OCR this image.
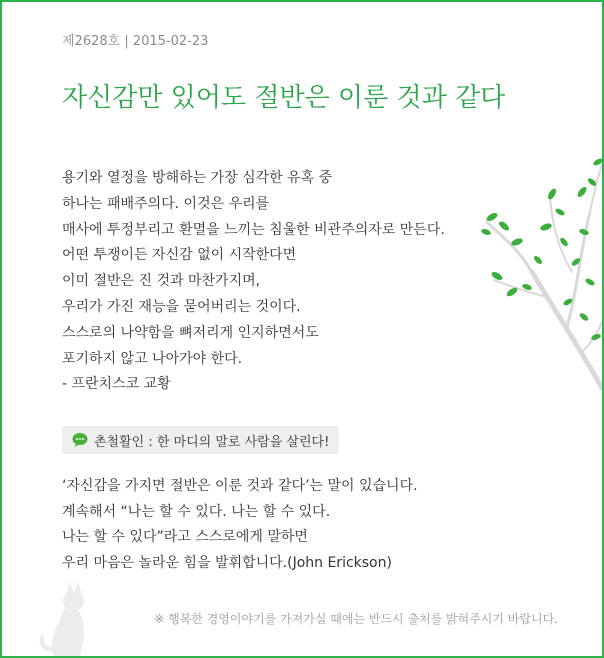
제2628호 | 2015-02-23
자신감만 있어도 절반은 이룬 것과 같다
용기와 열정을 방해하는 가장 심각한 유혹 중
하나는 패배주의다. 이것은 우리를
매사에 투정부리고 환멸을 느끼는 침울한 비관주의자로 만든다.
어떤 투쟁이든 자신감 없이 시작한다면
이미 절반은 진 것과 마찬가지며,
우리가 가진 재능을 묻어버리는 것이다.
스스로의 나약함을 뼈저리게 인지하면서도
포기하지 않고 나아가야 한다.
- 프란치스코 교황
촌철활인 : 한 마디의 말로 사람을 살린다!
‘자신감을 가지면 절반은 이룬 것과 같다’는 말이 있습니다.
계속해서 “나는 할 수 있다. 나는 할 수 있다.
나는 할 수 있다”라고 스스로에게 말하면
우리 마음은 놀라운 힘을 발휘합니다.(John Erickson)
※ 행복한 경영이야기를 가져가실 때에는 반드시 출처를 밝혀주시기 바랍니다.
